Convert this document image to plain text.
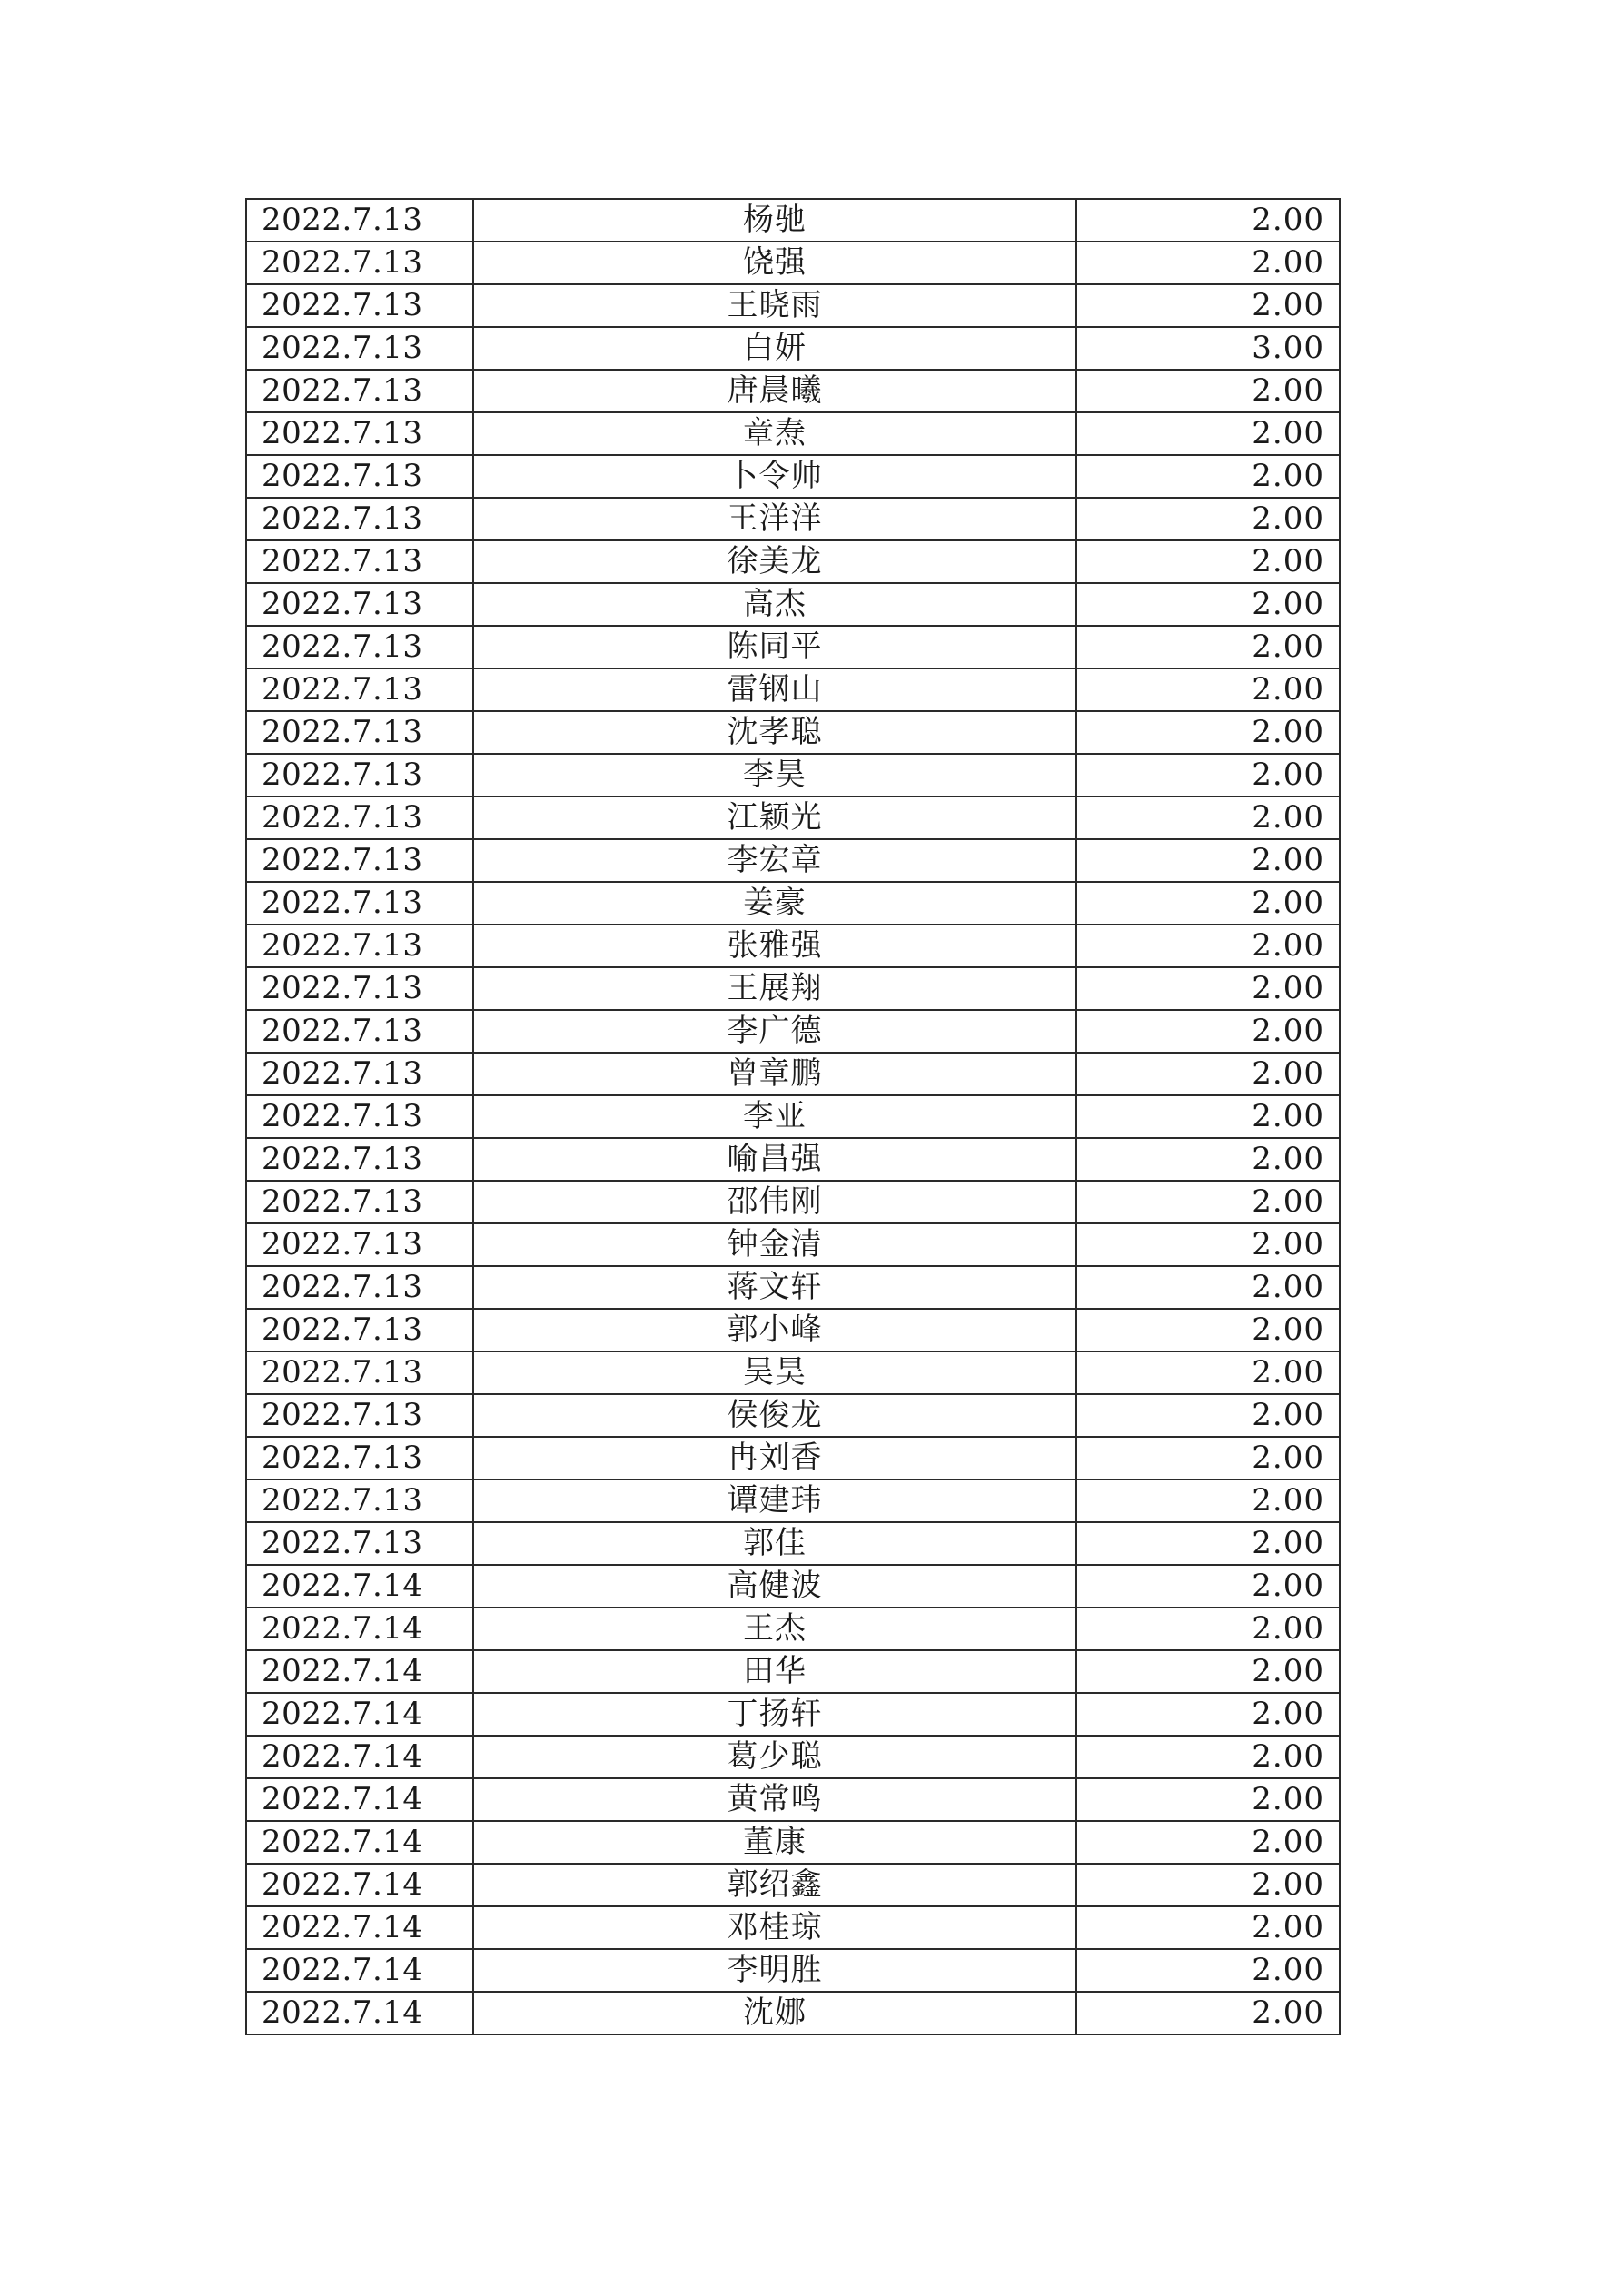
2022.7.13	杨驰	2.00
2022.7.13	饶强	2.00
2022.7.13	王晓雨	2.00
2022.7.13	白妍	3.00
2022.7.13	唐晨曦	2.00
2022.7.13	章焘	2.00
2022.7.13	卜令帅	2.00
2022.7.13	王洋洋	2.00
2022.7.13	徐美龙	2.00
2022.7.13	高杰	2.00
2022.7.13	陈同平	2.00
2022.7.13	雷钢山	2.00
2022.7.13	沈孝聪	2.00
2022.7.13	李昊	2.00
2022.7.13	江颖光	2.00
2022.7.13	李宏章	2.00
2022.7.13	姜豪	2.00
2022.7.13	张雅强	2.00
2022.7.13	王展翔	2.00
2022.7.13	李广德	2.00
2022.7.13	曾章鹏	2.00
2022.7.13	李亚	2.00
2022.7.13	喻昌强	2.00
2022.7.13	邵伟刚	2.00
2022.7.13	钟金清	2.00
2022.7.13	蒋文轩	2.00
2022.7.13	郭小峰	2.00
2022.7.13	吴昊	2.00
2022.7.13	侯俊龙	2.00
2022.7.13	冉刘香	2.00
2022.7.13	谭建玮	2.00
2022.7.13	郭佳	2.00
2022.7.14	高健波	2.00
2022.7.14	王杰	2.00
2022.7.14	田华	2.00
2022.7.14	丁扬轩	2.00
2022.7.14	葛少聪	2.00
2022.7.14	黄常鸣	2.00
2022.7.14	董康	2.00
2022.7.14	郭绍鑫	2.00
2022.7.14	邓桂琼	2.00
2022.7.14	李明胜	2.00
2022.7.14	沈娜	2.00
